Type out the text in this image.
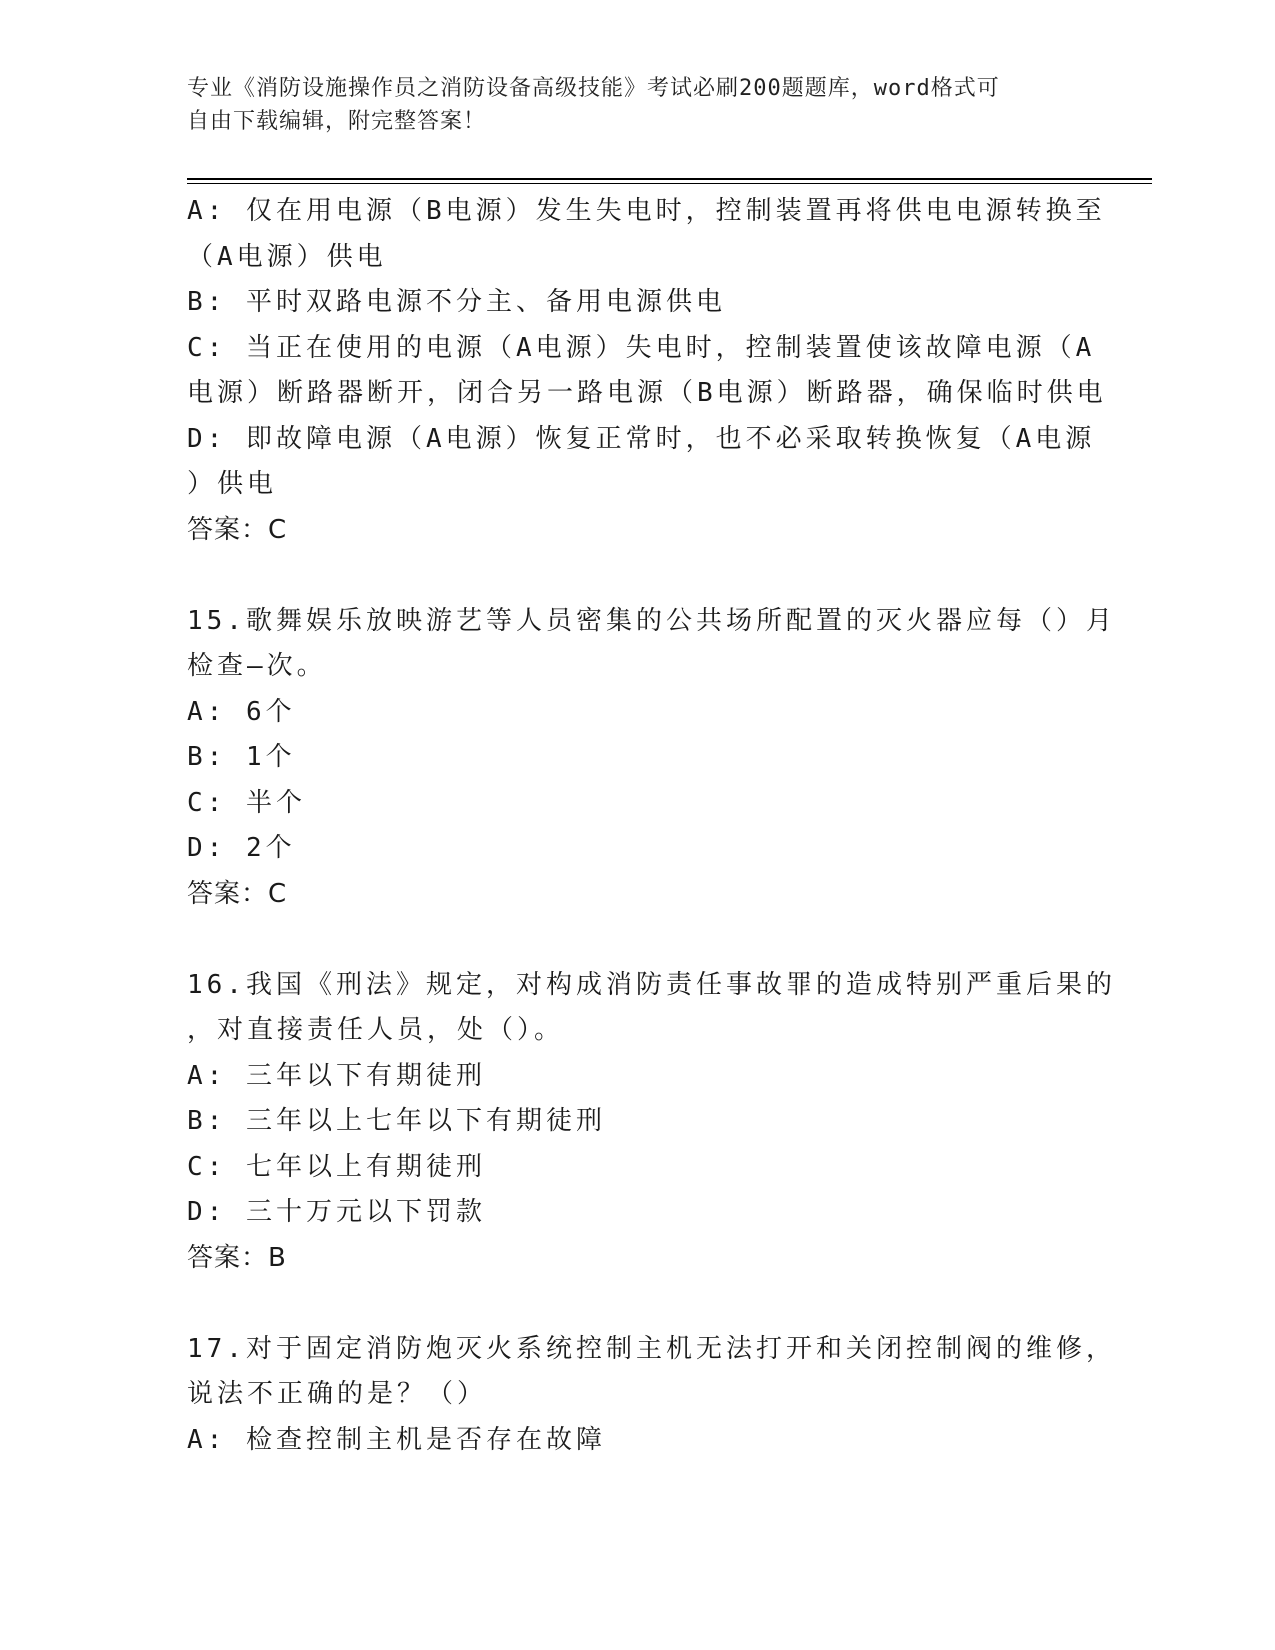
专业《消防设施操作员之消防设备高级技能》考试必刷200题题库，word格式可
自由下载编辑，附完整答案！
A: 仅在用电源（B电源）发生失电时，控制装置再将供电电源转换至
（A电源）供电
B: 平时双路电源不分主、备用电源供电
C: 当正在使用的电源（A电源）失电时，控制装置使该故障电源（A
电源）断路器断开，闭合另一路电源（B电源）断路器，确保临时供电
D: 即故障电源（A电源）恢复正常时，也不必采取转换恢复（A电源
）供电
答案：C
15.歌舞娱乐放映游艺等人员密集的公共场所配置的灭火器应每（）月
检查—次。
A: 6个
B: 1个
C: 半个
D: 2个
答案：C
16.我国《刑法》规定，对构成消防责任事故罪的造成特别严重后果的
，对直接责任人员，处（）。
A: 三年以下有期徒刑
B: 三年以上七年以下有期徒刑
C: 七年以上有期徒刑
D: 三十万元以下罚款
答案：B
17.对于固定消防炮灭火系统控制主机无法打开和关闭控制阀的维修，
说法不正确的是？（）
A: 检查控制主机是否存在故障
